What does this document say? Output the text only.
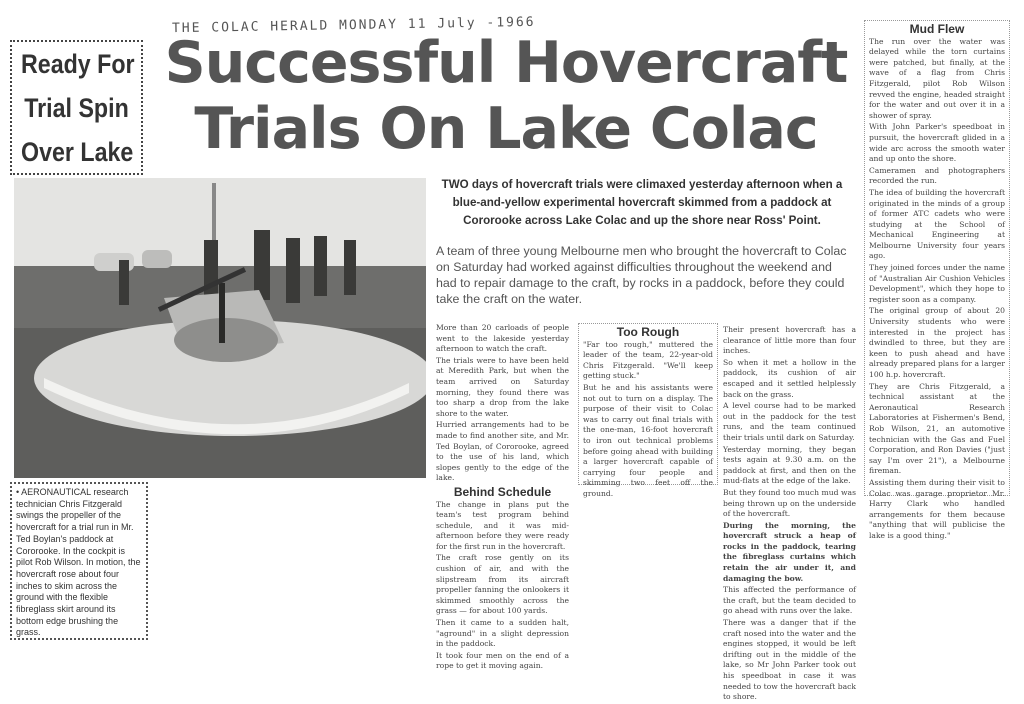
THE COLAC HERALD MONDAY 11 July -1966
Ready For
Trial Spin
Over Lake
Successful Hovercraft
Trials On Lake Colac
• AERONAUTICAL research technician Chris Fitzgerald swings the propeller of the hovercraft for a trial run in Mr. Ted Boylan's paddock at Cororooke. In the cockpit is pilot Rob Wilson. In motion, the hovercraft rose about four inches to skim across the ground with the flexible fibreglass skirt around its bottom edge brushing the grass.
TWO days of hovercraft trials were climaxed yesterday afternoon when a blue-and-yellow experimental hovercraft skimmed from a paddock at Cororooke across Lake Colac and up the shore near Ross' Point.
A team of three young Melbourne men who brought the hovercraft to Colac on Saturday had worked against difficulties throughout the weekend and had to repair damage to the craft, by rocks in a paddock, before they could take the craft on the water.

More than 20 carloads of people went to the lakeside yesterday afternoon to watch the craft.

The trials were to have been held at Meredith Park, but when the team arrived on Saturday morning, they found there was too sharp a drop from the lake shore to the water.

Hurried arrangements had to be made to find another site, and Mr. Ted Boylan, of Cororooke, agreed to the use of his land, which slopes gently to the edge of the lake.

Behind Schedule

The change in plans put the team's test program behind schedule, and it was mid-afternoon before they were ready for the first run in the hovercraft.

The craft rose gently on its cushion of air, and with the slipstream from its aircraft propeller fanning the onlookers it skimmed smoothly across the grass — for about 100 yards.

Then it came to a sudden halt, "aground" in a slight depression in the paddock.

It took four men on the end of a rope to get it moving again.

Too Rough

"Far too rough," muttered the leader of the team, 22-year-old Chris Fitzgerald. "We'll keep getting stuck."

But he and his assistants were not out to turn on a display. The purpose of their visit to Colac was to carry out final trials with the one-man, 16-foot hovercraft to iron out technical problems before going ahead with building a larger hovercraft capable of carrying four people and skimming two feet off the ground.

Their present hovercraft has a clearance of little more than four inches.

So when it met a hollow in the paddock, its cushion of air escaped and it settled helplessly back on the grass.

A level course had to be marked out in the paddock for the test runs, and the team continued their trials until dark on Saturday.

Yesterday morning, they began tests again at 9.30 a.m. on the paddock at first, and then on the mud-flats at the edge of the lake.

But they found too much mud was being thrown up on the underside of the hovercraft.

During the morning, the hovercraft struck a heap of rocks in the paddock, tearing the fibreglass curtains which retain the air under it, and damaging the bow.

This affected the performance of the craft, but the team decided to go ahead with runs over the lake.

There was a danger that if the craft nosed into the water and the engines stopped, it would be left drifting out in the middle of the lake, so Mr John Parker took out his speedboat in case it was needed to tow the hovercraft back to shore.

Mud Flew

The run over the water was delayed while the torn curtains were patched, but finally, at the wave of a flag from Chris Fitzgerald, pilot Rob Wilson revved the engine, headed straight for the water and out over it in a shower of spray.

With John Parker's speedboat in pursuit, the hovercraft glided in a wide arc across the smooth water and up onto the shore.

Cameramen and photographers recorded the run.

The idea of building the hovercraft originated in the minds of a group of former ATC cadets who were studying at the School of Mechanical Engineering at Melbourne University four years ago.

They joined forces under the name of "Australian Air Cushion Vehicles Development", which they hope to register soon as a company.

The original group of about 20 University students who were interested in the project has dwindled to three, but they are keen to push ahead and have already prepared plans for a larger 100 h.p. hovercraft.

They are Chris Fitzgerald, a technical assistant at the Aeronautical Research Laboratories at Fishermen's Bend, Rob Wilson, 21, an automotive technician with the Gas and Fuel Corporation, and Ron Davies ("just say I'm over 21"), a Melbourne fireman.

Assisting them during their visit to Colac was garage proprietor Mr. Harry Clark who handled arrangements for them because "anything that will publicise the lake is a good thing."
